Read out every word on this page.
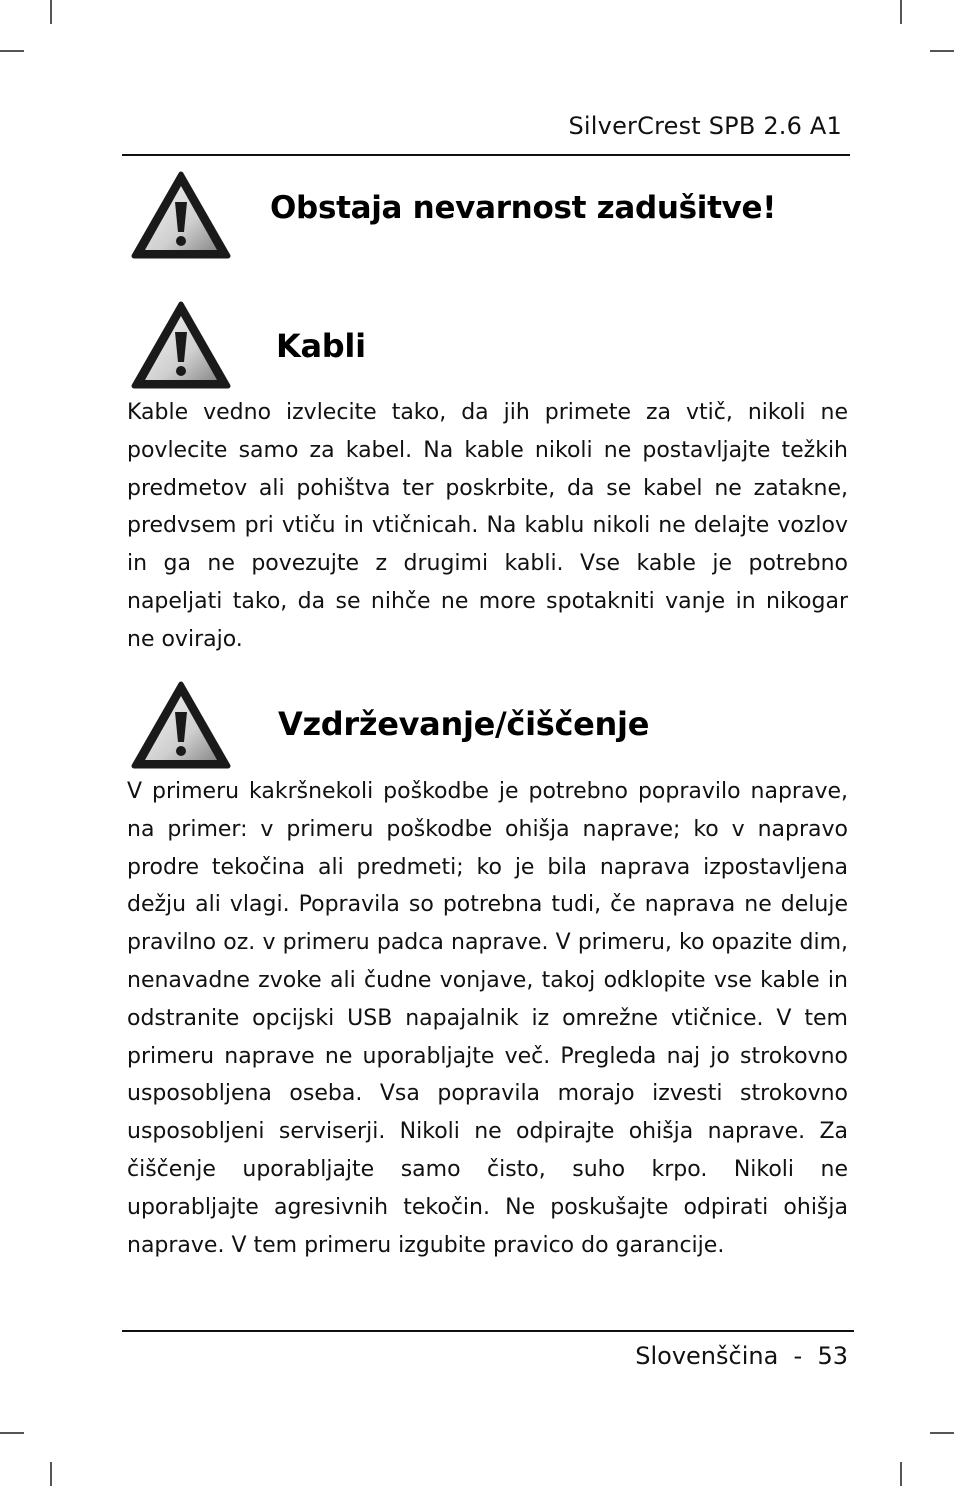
SilverCrest SPB 2.6 A1
Obstaja nevarnost zadušitve!
Kabli

Kable vedno izvlecite tako, da jih primete za vtič, nikoli ne povlecite samo za kabel. Na kable nikoli ne postavljajte težkih predmetov ali pohištva ter poskrbite, da se kabel ne zatakne, predvsem pri vtiču in vtičnicah. Na kablu nikoli ne delajte vozlov in ga ne povezujte z drugimi kabli. Vse kable je potrebno napeljati tako, da se nihče ne more spotakniti vanje in nikogar ne ovirajo.

Vzdrževanje/čiščenje

V primeru kakršnekoli poškodbe je potrebno popravilo naprave, na primer: v primeru poškodbe ohišja naprave; ko v napravo prodre tekočina ali predmeti; ko je bila naprava izpostavljena dežju ali vlagi. Popravila so potrebna tudi, če naprava ne deluje pravilno oz. v primeru padca naprave. V primeru, ko opazite dim, nenavadne zvoke ali čudne vonjave, takoj odklopite vse kable in odstranite opcijski USB napajalnik iz omrežne vtičnice. V tem primeru naprave ne uporabljajte več. Pregleda naj jo strokovno usposobljena oseba. Vsa popravila morajo izvesti strokovno usposobljeni serviserji. Nikoli ne odpirajte ohišja naprave. Za čiščenje uporabljajte samo čisto, suho krpo. Nikoli ne uporabljajte agresivnih tekočin. Ne poskušajte odpirati ohišja naprave. V tem primeru izgubite pravico do garancije.

Slovenščina  -  53
